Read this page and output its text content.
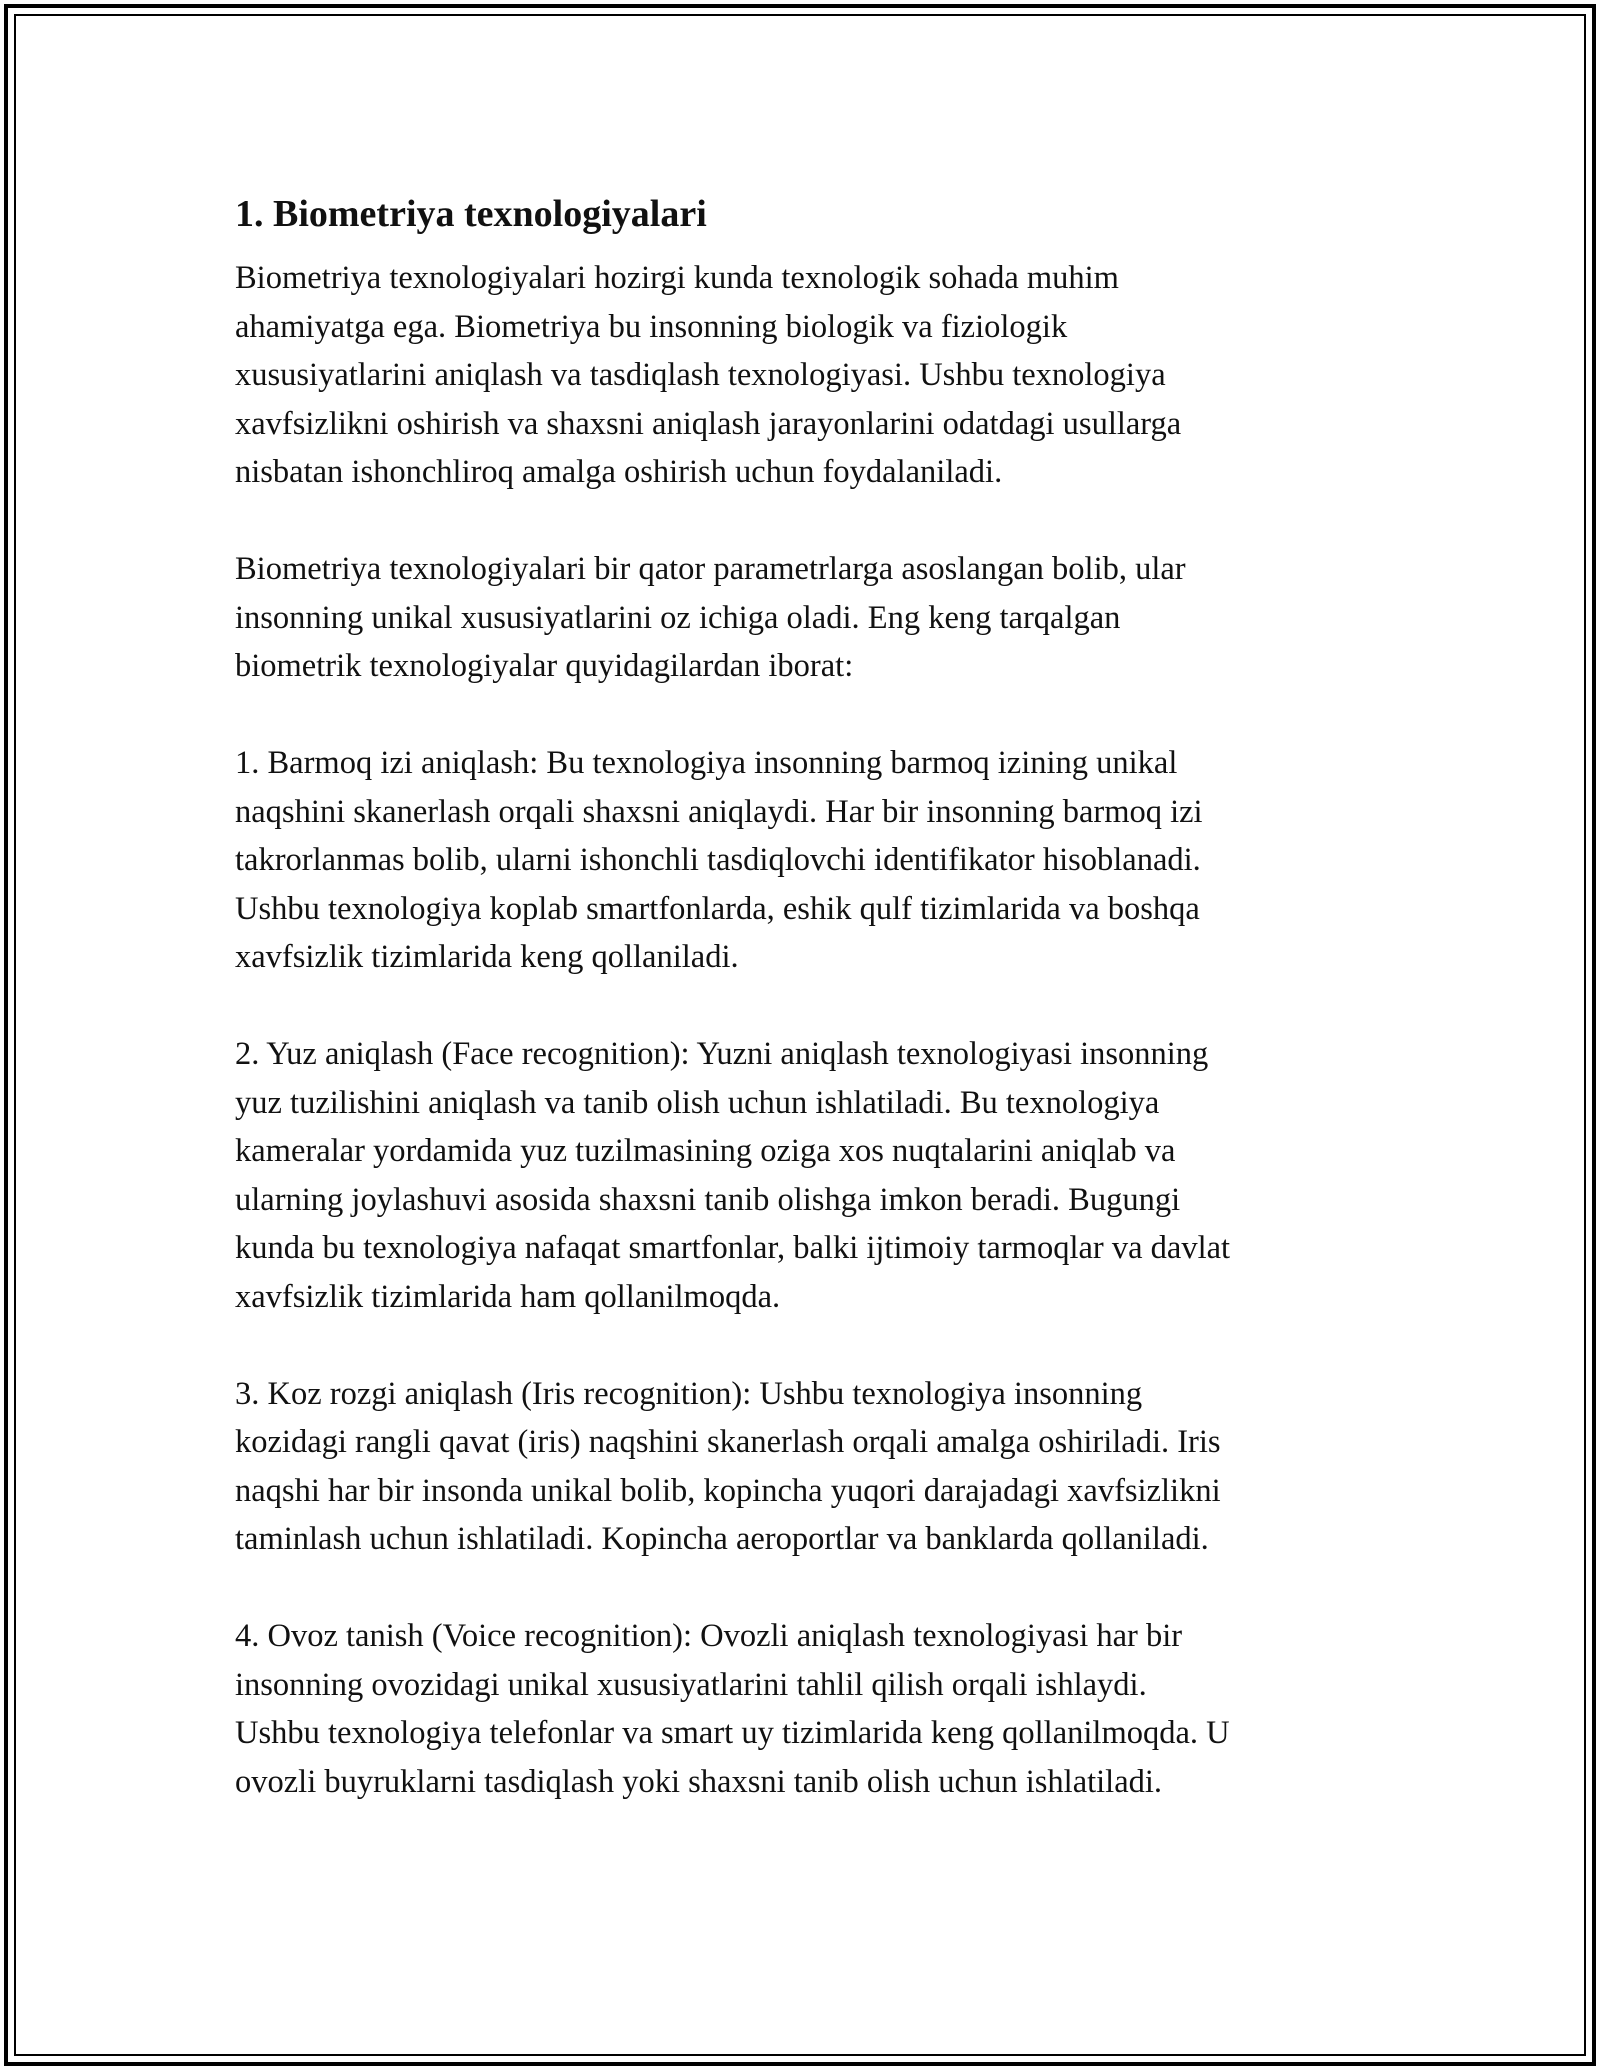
1. Biometriya texnologiyalari

Biometriya texnologiyalari hozirgi kunda texnologik sohada muhim
ahamiyatga ega. Biometriya bu insonning biologik va fiziologik
xususiyatlarini aniqlash va tasdiqlash texnologiyasi. Ushbu texnologiya
xavfsizlikni oshirish va shaxsni aniqlash jarayonlarini odatdagi usullarga
nisbatan ishonchliroq amalga oshirish uchun foydalaniladi.

Biometriya texnologiyalari bir qator parametrlarga asoslangan bolib, ular
insonning unikal xususiyatlarini oz ichiga oladi. Eng keng tarqalgan
biometrik texnologiyalar quyidagilardan iborat:

1. Barmoq izi aniqlash: Bu texnologiya insonning barmoq izining unikal
naqshini skanerlash orqali shaxsni aniqlaydi. Har bir insonning barmoq izi
takrorlanmas bolib, ularni ishonchli tasdiqlovchi identifikator hisoblanadi.
Ushbu texnologiya koplab smartfonlarda, eshik qulf tizimlarida va boshqa
xavfsizlik tizimlarida keng qollaniladi.

2. Yuz aniqlash (Face recognition): Yuzni aniqlash texnologiyasi insonning
yuz tuzilishini aniqlash va tanib olish uchun ishlatiladi. Bu texnologiya
kameralar yordamida yuz tuzilmasining oziga xos nuqtalarini aniqlab va
ularning joylashuvi asosida shaxsni tanib olishga imkon beradi. Bugungi
kunda bu texnologiya nafaqat smartfonlar, balki ijtimoiy tarmoqlar va davlat
xavfsizlik tizimlarida ham qollanilmoqda.

3. Koz rozgi aniqlash (Iris recognition): Ushbu texnologiya insonning
kozidagi rangli qavat (iris) naqshini skanerlash orqali amalga oshiriladi. Iris
naqshi har bir insonda unikal bolib, kopincha yuqori darajadagi xavfsizlikni
taminlash uchun ishlatiladi. Kopincha aeroportlar va banklarda qollaniladi.

4. Ovoz tanish (Voice recognition): Ovozli aniqlash texnologiyasi har bir
insonning ovozidagi unikal xususiyatlarini tahlil qilish orqali ishlaydi.
Ushbu texnologiya telefonlar va smart uy tizimlarida keng qollanilmoqda. U
ovozli buyruklarni tasdiqlash yoki shaxsni tanib olish uchun ishlatiladi.
